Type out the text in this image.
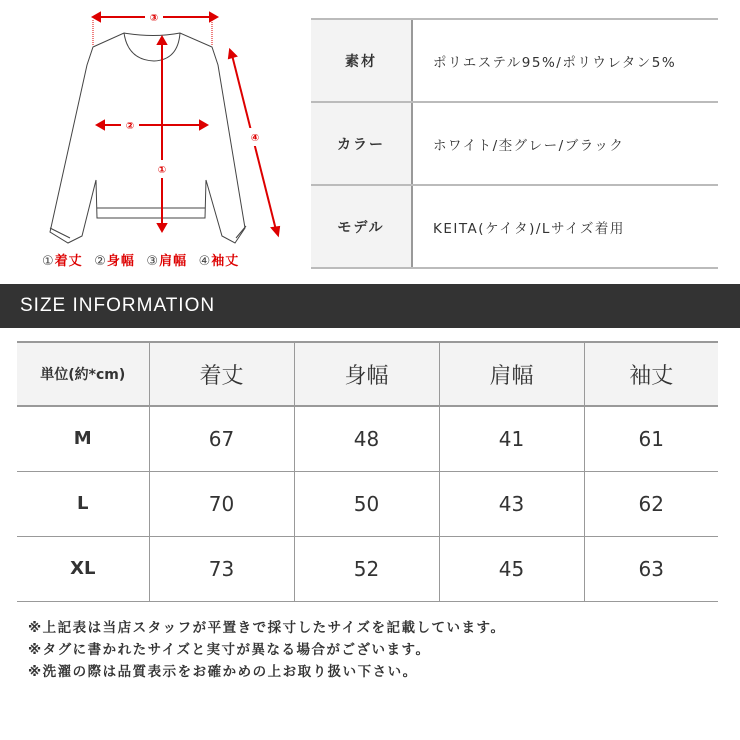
③
②
①
④
①着丈 ②身幅 ③肩幅 ④袖丈
素材	ポリエステル95%/ポリウレタン5%
カラー	ホワイト/杢グレー/ブラック
モデル	KEITA(ケイタ)/Lサイズ着用
SIZE INFORMATION
単位(約*cm)	着丈	身幅	肩幅	袖丈
M	67	48	41	61
L	70	50	43	62
XL	73	52	45	63
※上記表は当店スタッフが平置きで採寸したサイズを記載しています。
※タグに書かれたサイズと実寸が異なる場合がございます。
※洗濯の際は品質表示をお確かめの上お取り扱い下さい。
